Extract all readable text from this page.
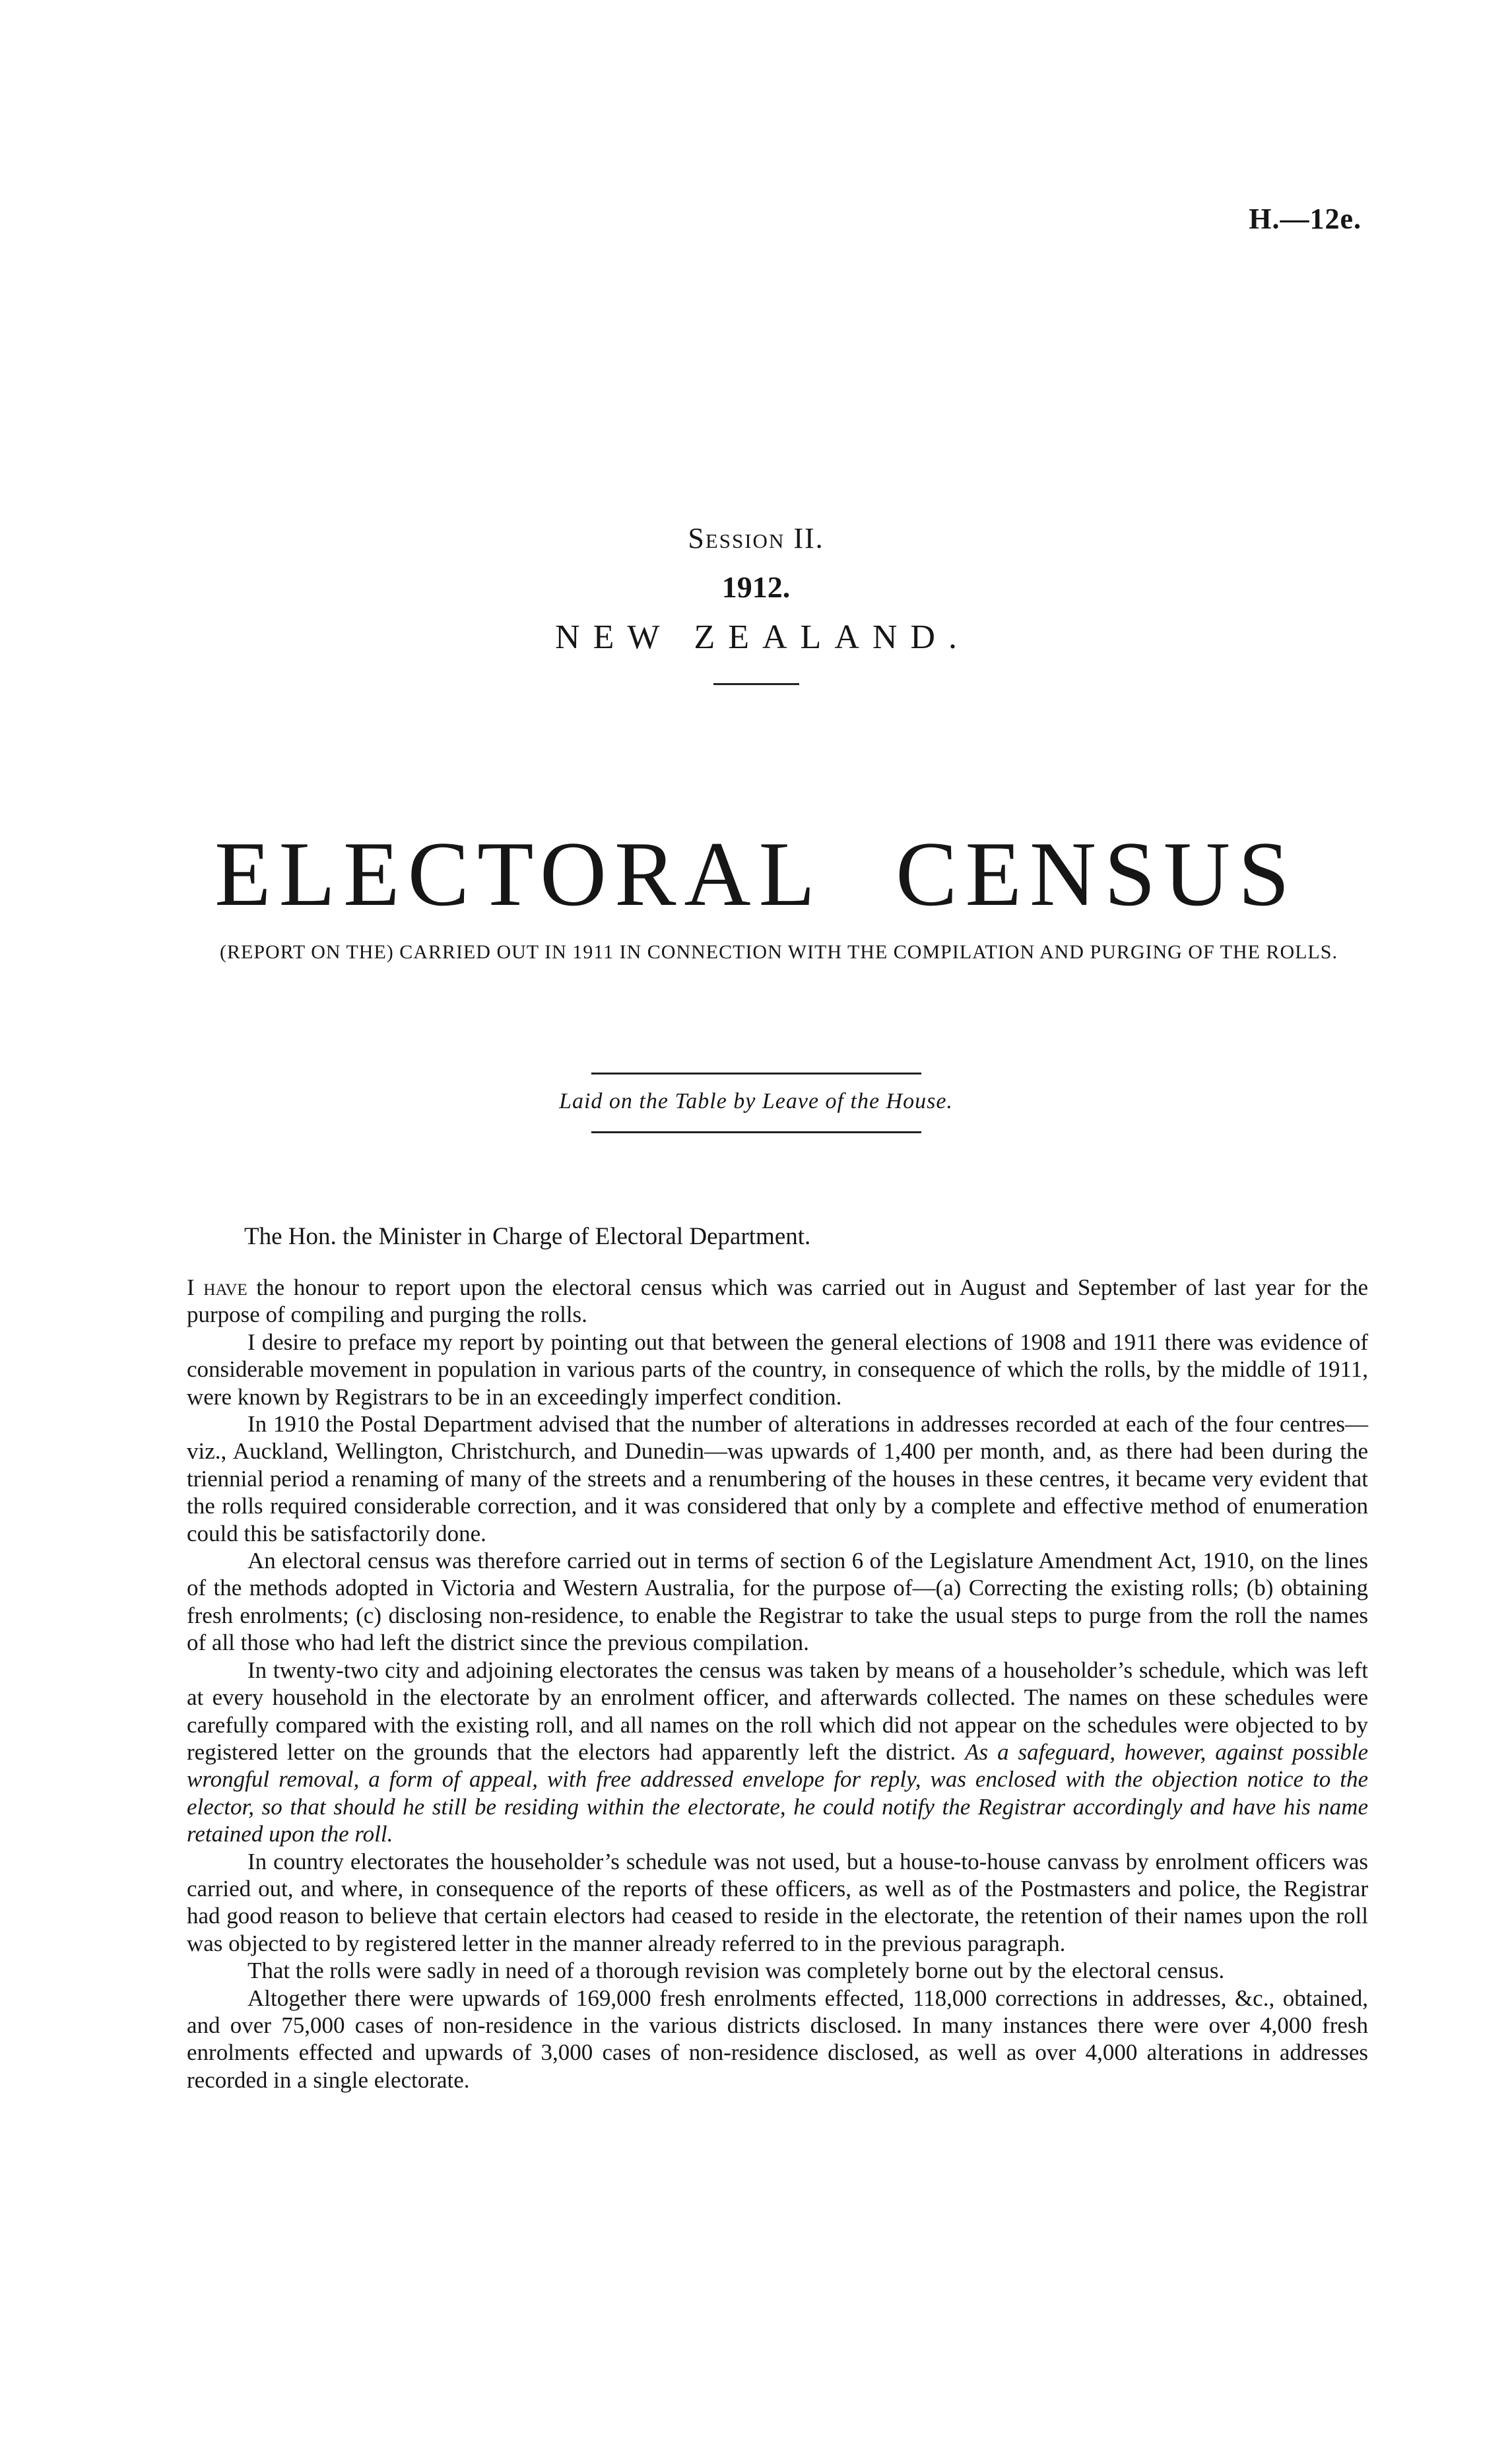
H.—12e.
Session II.
1912.
NEW ZEALAND.
ELECTORAL CENSUS
(REPORT ON THE) CARRIED OUT IN 1911 IN CONNECTION WITH THE COMPILATION AND PURGING OF THE ROLLS.
Laid on the Table by Leave of the House.
The Hon. the Minister in Charge of Electoral Department.

I have the honour to report upon the electoral census which was carried out in August and September of last year for the purpose of compiling and purging the rolls.

I desire to preface my report by pointing out that between the general elections of 1908 and 1911 there was evidence of considerable movement in population in various parts of the country, in consequence of which the rolls, by the middle of 1911, were known by Registrars to be in an exceedingly imperfect condition.

In 1910 the Postal Department advised that the number of alterations in addresses recorded at each of the four centres—viz., Auckland, Wellington, Christchurch, and Dunedin—was upwards of 1,400 per month, and, as there had been during the triennial period a renaming of many of the streets and a renumbering of the houses in these centres, it became very evident that the rolls required considerable correction, and it was considered that only by a complete and effective method of enumeration could this be satisfactorily done.

An electoral census was therefore carried out in terms of section 6 of the Legislature Amendment Act, 1910, on the lines of the methods adopted in Victoria and Western Australia, for the purpose of—(a) Correcting the existing rolls; (b) obtaining fresh enrolments; (c) disclosing non-residence, to enable the Registrar to take the usual steps to purge from the roll the names of all those who had left the district since the previous compilation.

In twenty-two city and adjoining electorates the census was taken by means of a householder’s schedule, which was left at every household in the electorate by an enrolment officer, and afterwards collected. The names on these schedules were carefully compared with the existing roll, and all names on the roll which did not appear on the schedules were objected to by registered letter on the grounds that the electors had apparently left the district. As a safeguard, however, against possible wrongful removal, a form of appeal, with free addressed envelope for reply, was enclosed with the objection notice to the elector, so that should he still be residing within the electorate, he could notify the Registrar accordingly and have his name retained upon the roll.

In country electorates the householder’s schedule was not used, but a house-to-house canvass by enrolment officers was carried out, and where, in consequence of the reports of these officers, as well as of the Postmasters and police, the Registrar had good reason to believe that certain electors had ceased to reside in the electorate, the retention of their names upon the roll was objected to by registered letter in the manner already referred to in the previous paragraph.

That the rolls were sadly in need of a thorough revision was completely borne out by the electoral census.

Altogether there were upwards of 169,000 fresh enrolments effected, 118,000 corrections in addresses, &c., obtained, and over 75,000 cases of non-residence in the various districts disclosed. In many instances there were over 4,000 fresh enrolments effected and upwards of 3,000 cases of non-residence disclosed, as well as over 4,000 alterations in addresses recorded in a single electorate.
